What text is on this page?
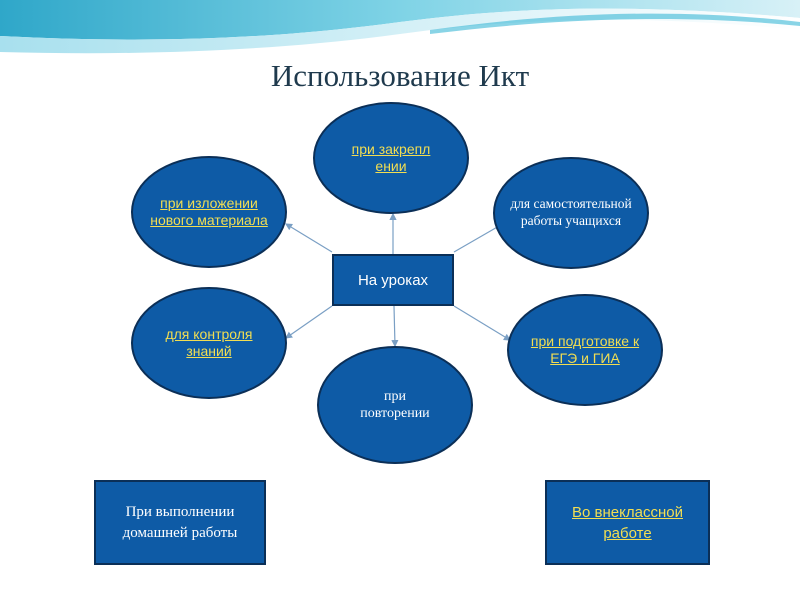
Использование Икт
при закреплении
при изложении нового материала
для самостоятельной работы учащихся
для контроля знаний
при подготовке к ЕГЭ и ГИА
при повторении
На уроках
При выполнении домашней работы
Во внеклассной работе
